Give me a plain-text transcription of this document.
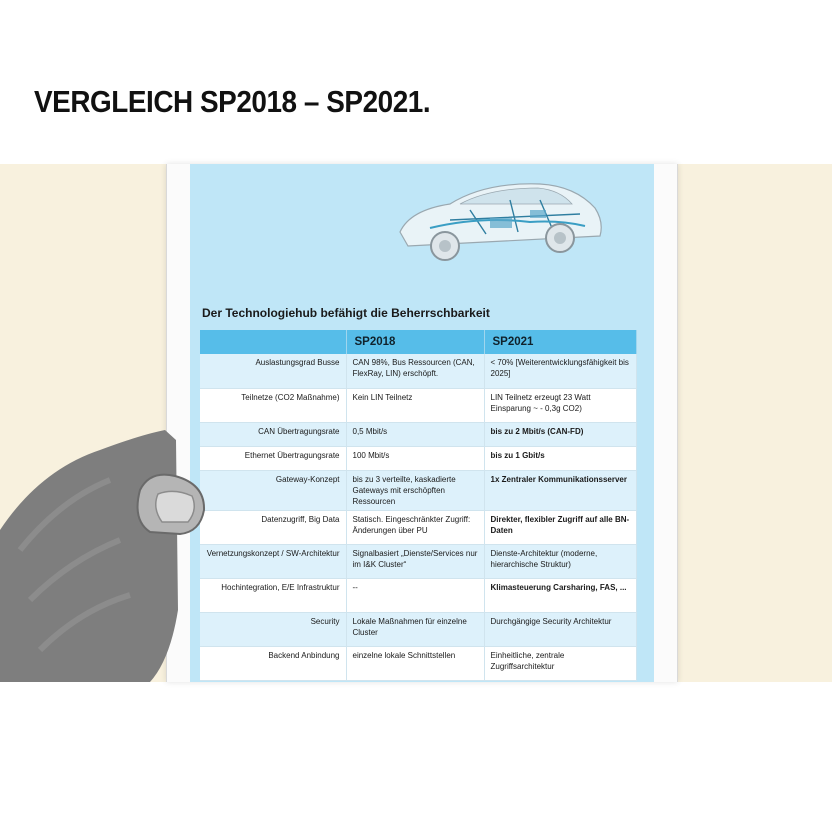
VERGLEICH SP2018 – SP2021.
Der Technologiehub befähigt die Beherrschbarkeit
	SP2018	SP2021
Auslastungsgrad Busse	CAN 98%, Bus Ressourcen (CAN, FlexRay, LIN) erschöpft.	< 70% [Weiterentwicklungsfähigkeit bis 2025]
Teilnetze (CO2 Maßnahme)	Kein LIN Teilnetz	LIN Teilnetz erzeugt 23 Watt Einsparung ~ - 0,3g CO2)
CAN Übertragungsrate	0,5 Mbit/s	bis zu 2 Mbit/s (CAN-FD)
Ethernet Übertragungsrate	100 Mbit/s	bis zu 1 Gbit/s
Gateway-Konzept	bis zu 3 verteilte, kaskadierte Gateways mit erschöpften Ressourcen	1x Zentraler Kommunikationsserver
Datenzugriff, Big Data	Statisch. Eingeschränkter Zugriff: Änderungen über PU	Direkter, flexibler Zugriff auf alle BN-Daten
Vernetzungskonzept / SW-Architektur	Signalbasiert „Dienste/Services nur im I&K Cluster“	Dienste-Architektur (moderne, hierarchische Struktur)
Hochintegration, E/E Infrastruktur	--	Klimasteuerung Carsharing, FAS, ...
Security	Lokale Maßnahmen für einzelne Cluster	Durchgängige Security Architektur
Backend Anbindung	einzelne lokale Schnittstellen	Einheitliche, zentrale Zugriffsarchitektur
